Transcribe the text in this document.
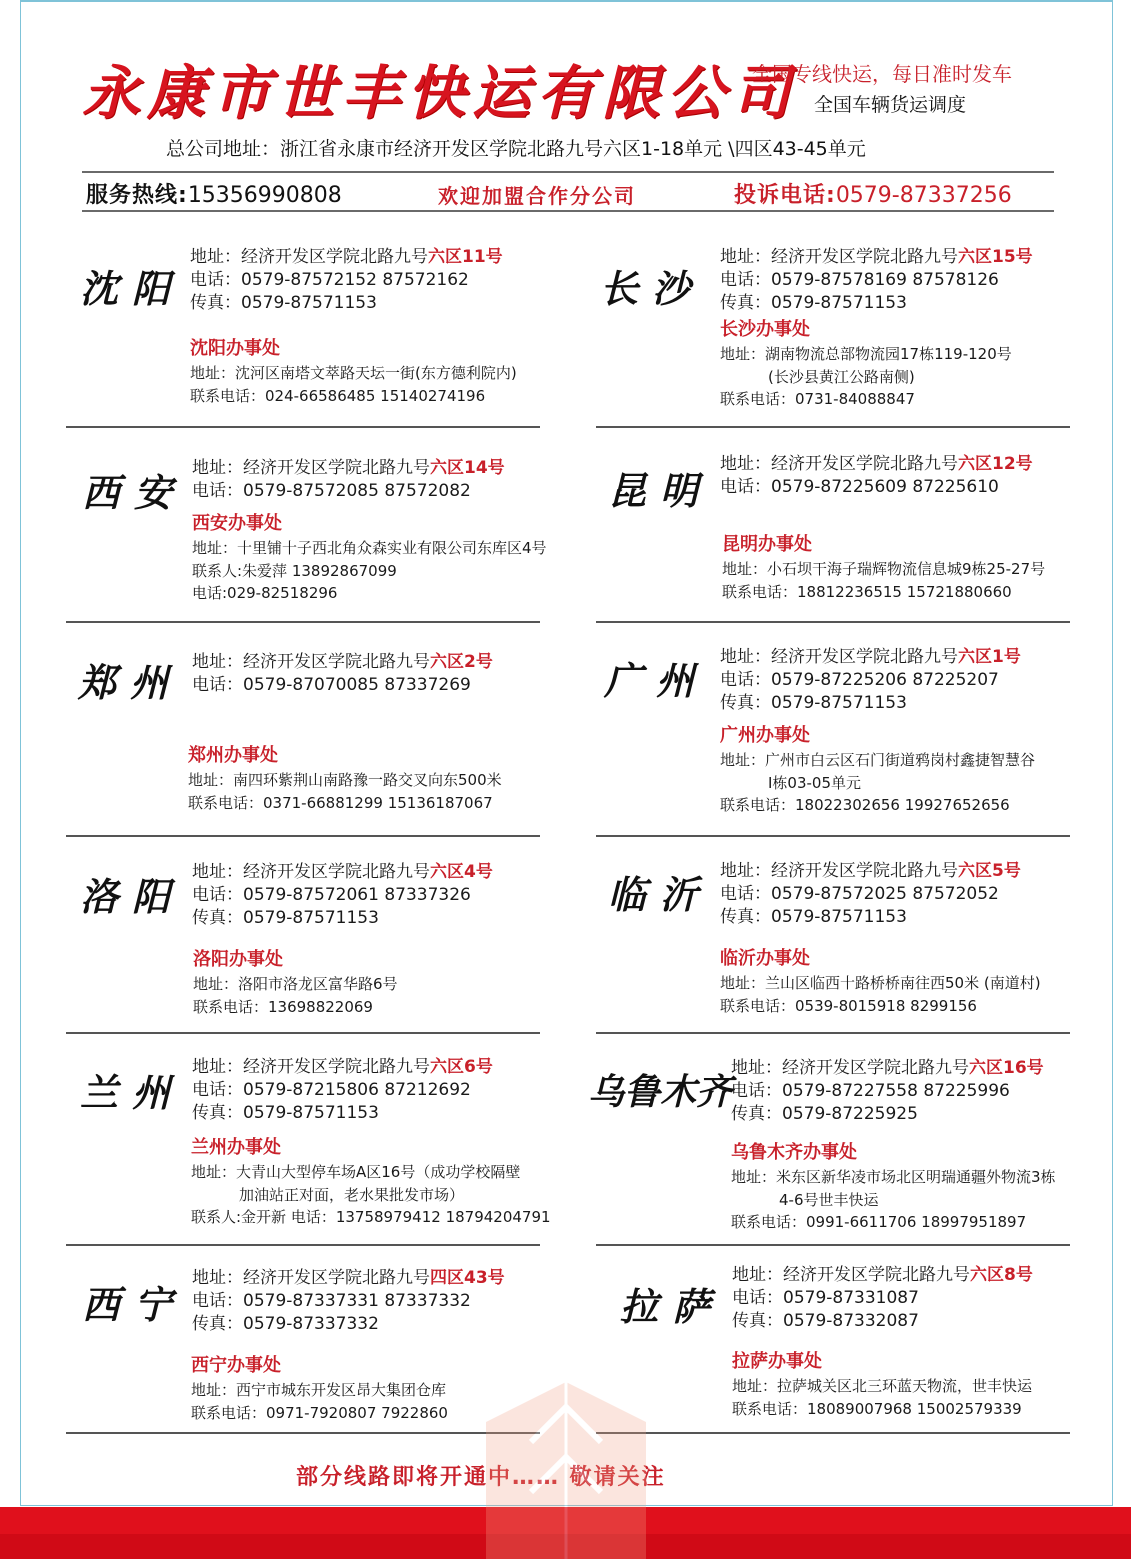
永康市世丰快运有限公司
全国专线快运，每日准时发车
全国车辆货运调度
总公司地址：浙江省永康市经济开发区学院北路九号六区1-18单元 \四区43-45单元
服务热线:15356990808	欢迎加盟合作分公司	投诉电话:0579-87337256
沈阳
地址：经济开发区学院北路九号六区11号
电话：0579-87572152 87572162
传真：0579-87571153
沈阳办事处
地址：沈河区南塔文萃路天坛一街(东方德利院内)
联系电话：024-66586485 15140274196
长沙
地址：经济开发区学院北路九号六区15号
电话：0579-87578169 87578126
传真：0579-87571153
长沙办事处
地址：湖南物流总部物流园17栋119-120号
(长沙县黄江公路南侧)
联系电话：0731-84088847
西安
地址：经济开发区学院北路九号六区14号
电话：0579-87572085 87572082
西安办事处
地址：十里铺十子西北角众森实业有限公司东库区4号
联系人:朱爱萍 13892867099
电话:029-82518296
昆明
地址：经济开发区学院北路九号六区12号
电话：0579-87225609 87225610
昆明办事处
地址：小石坝干海子瑞辉物流信息城9栋25-27号
联系电话：18812236515 15721880660
郑州 地址：经济开发区学院北路九号六区2号
电话：0579-87070085 87337269
郑州办事处
地址：南四环紫荆山南路豫一路交叉向东500米
联系电话：0371-66881299 15136187067
广州
地址：经济开发区学院北路九号六区1号
电话：0579-87225206 87225207
传真：0579-87571153
广州办事处
地址：广州市白云区石门街道鸦岗村鑫捷智慧谷
I栋03-05单元
联系电话：18022302656 19927652656
洛阳
地址：经济开发区学院北路九号六区4号
电话：0579-87572061 87337326
传真：0579-87571153
洛阳办事处
地址：洛阳市洛龙区富华路6号
联系电话：13698822069
临沂
地址：经济开发区学院北路九号六区5号
电话：0579-87572025 87572052
传真：0579-87571153
临沂办事处
地址：兰山区临西十路桥桥南往西50米 (南道村)
联系电话：0539-8015918 8299156
兰州
地址：经济开发区学院北路九号六区6号
电话：0579-87215806 87212692
传真：0579-87571153
兰州办事处
地址：大青山大型停车场A区16号（成功学校隔壁
加油站正对面，老水果批发市场）
联系人:金开新 电话：13758979412 18794204791
乌鲁木齐
地址：经济开发区学院北路九号六区16号
电话：0579-87227558 87225996
传真：0579-87225925
乌鲁木齐办事处
地址：米东区新华凌市场北区明瑞通疆外物流3栋
4-6号世丰快运
联系电话：0991-6611706 18997951897
西宁
地址：经济开发区学院北路九号四区43号
电话：0579-87337331 87337332
传真：0579-87337332
西宁办事处
地址：西宁市城东开发区昂大集团仓库
联系电话：0971-7920807 7922860
拉萨
地址：经济开发区学院北路九号六区8号
电话：0579-87331087
传真：0579-87332087
拉萨办事处
地址：拉萨城关区北三环蓝天物流，世丰快运
联系电话：18089007968 15002579339
部分线路即将开通中…… 敬请关注
